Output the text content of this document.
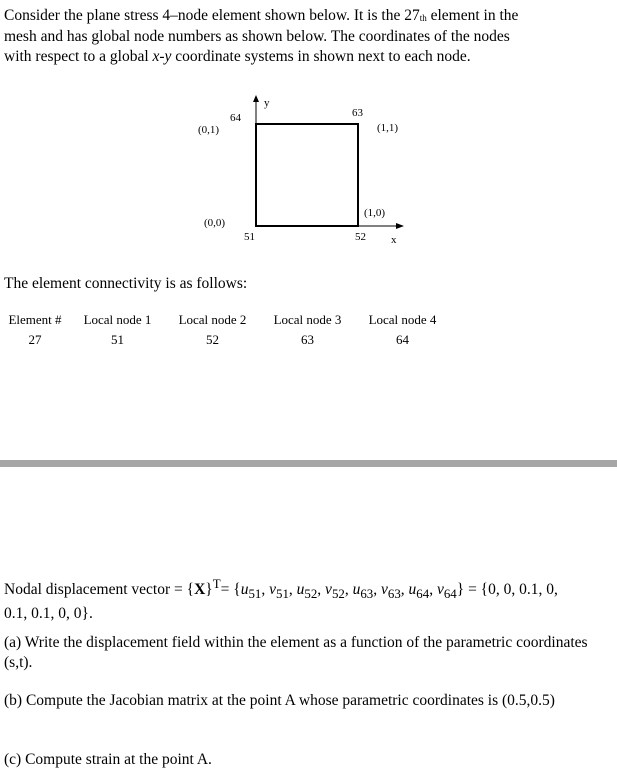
Consider the plane stress 4–node element shown below. It is the $27_{th}$ element in the
mesh and has global node numbers as shown below. The coordinates of the nodes
with respect to a global x-y coordinate systems in shown next to each node.

y
x
51
(0,0)
52
(1,0)
63
(1,1)
64
(0,1)

The element connectivity is as follows:

Element #	Local node 1	Local node 2	Local node 3	Local node 4
27	51	52	63	64

Nodal displacement vector = $\{X\}^T= \{u_{51}$, $v_{51}$, $u_{52}$, $v_{52}$, $u_{63}$, $v_{63}$, $u_{64}$, $v_{64}\} = \{0$, 0, 0.1, 0,
0.1, 0.1, 0, 0}.

(a) Write the displacement field within the element as a function of the parametric coordinates (s,t).

(b) Compute the Jacobian matrix at the point A whose parametric coordinates is (0.5,0.5)

(c) Compute strain at the point A.
